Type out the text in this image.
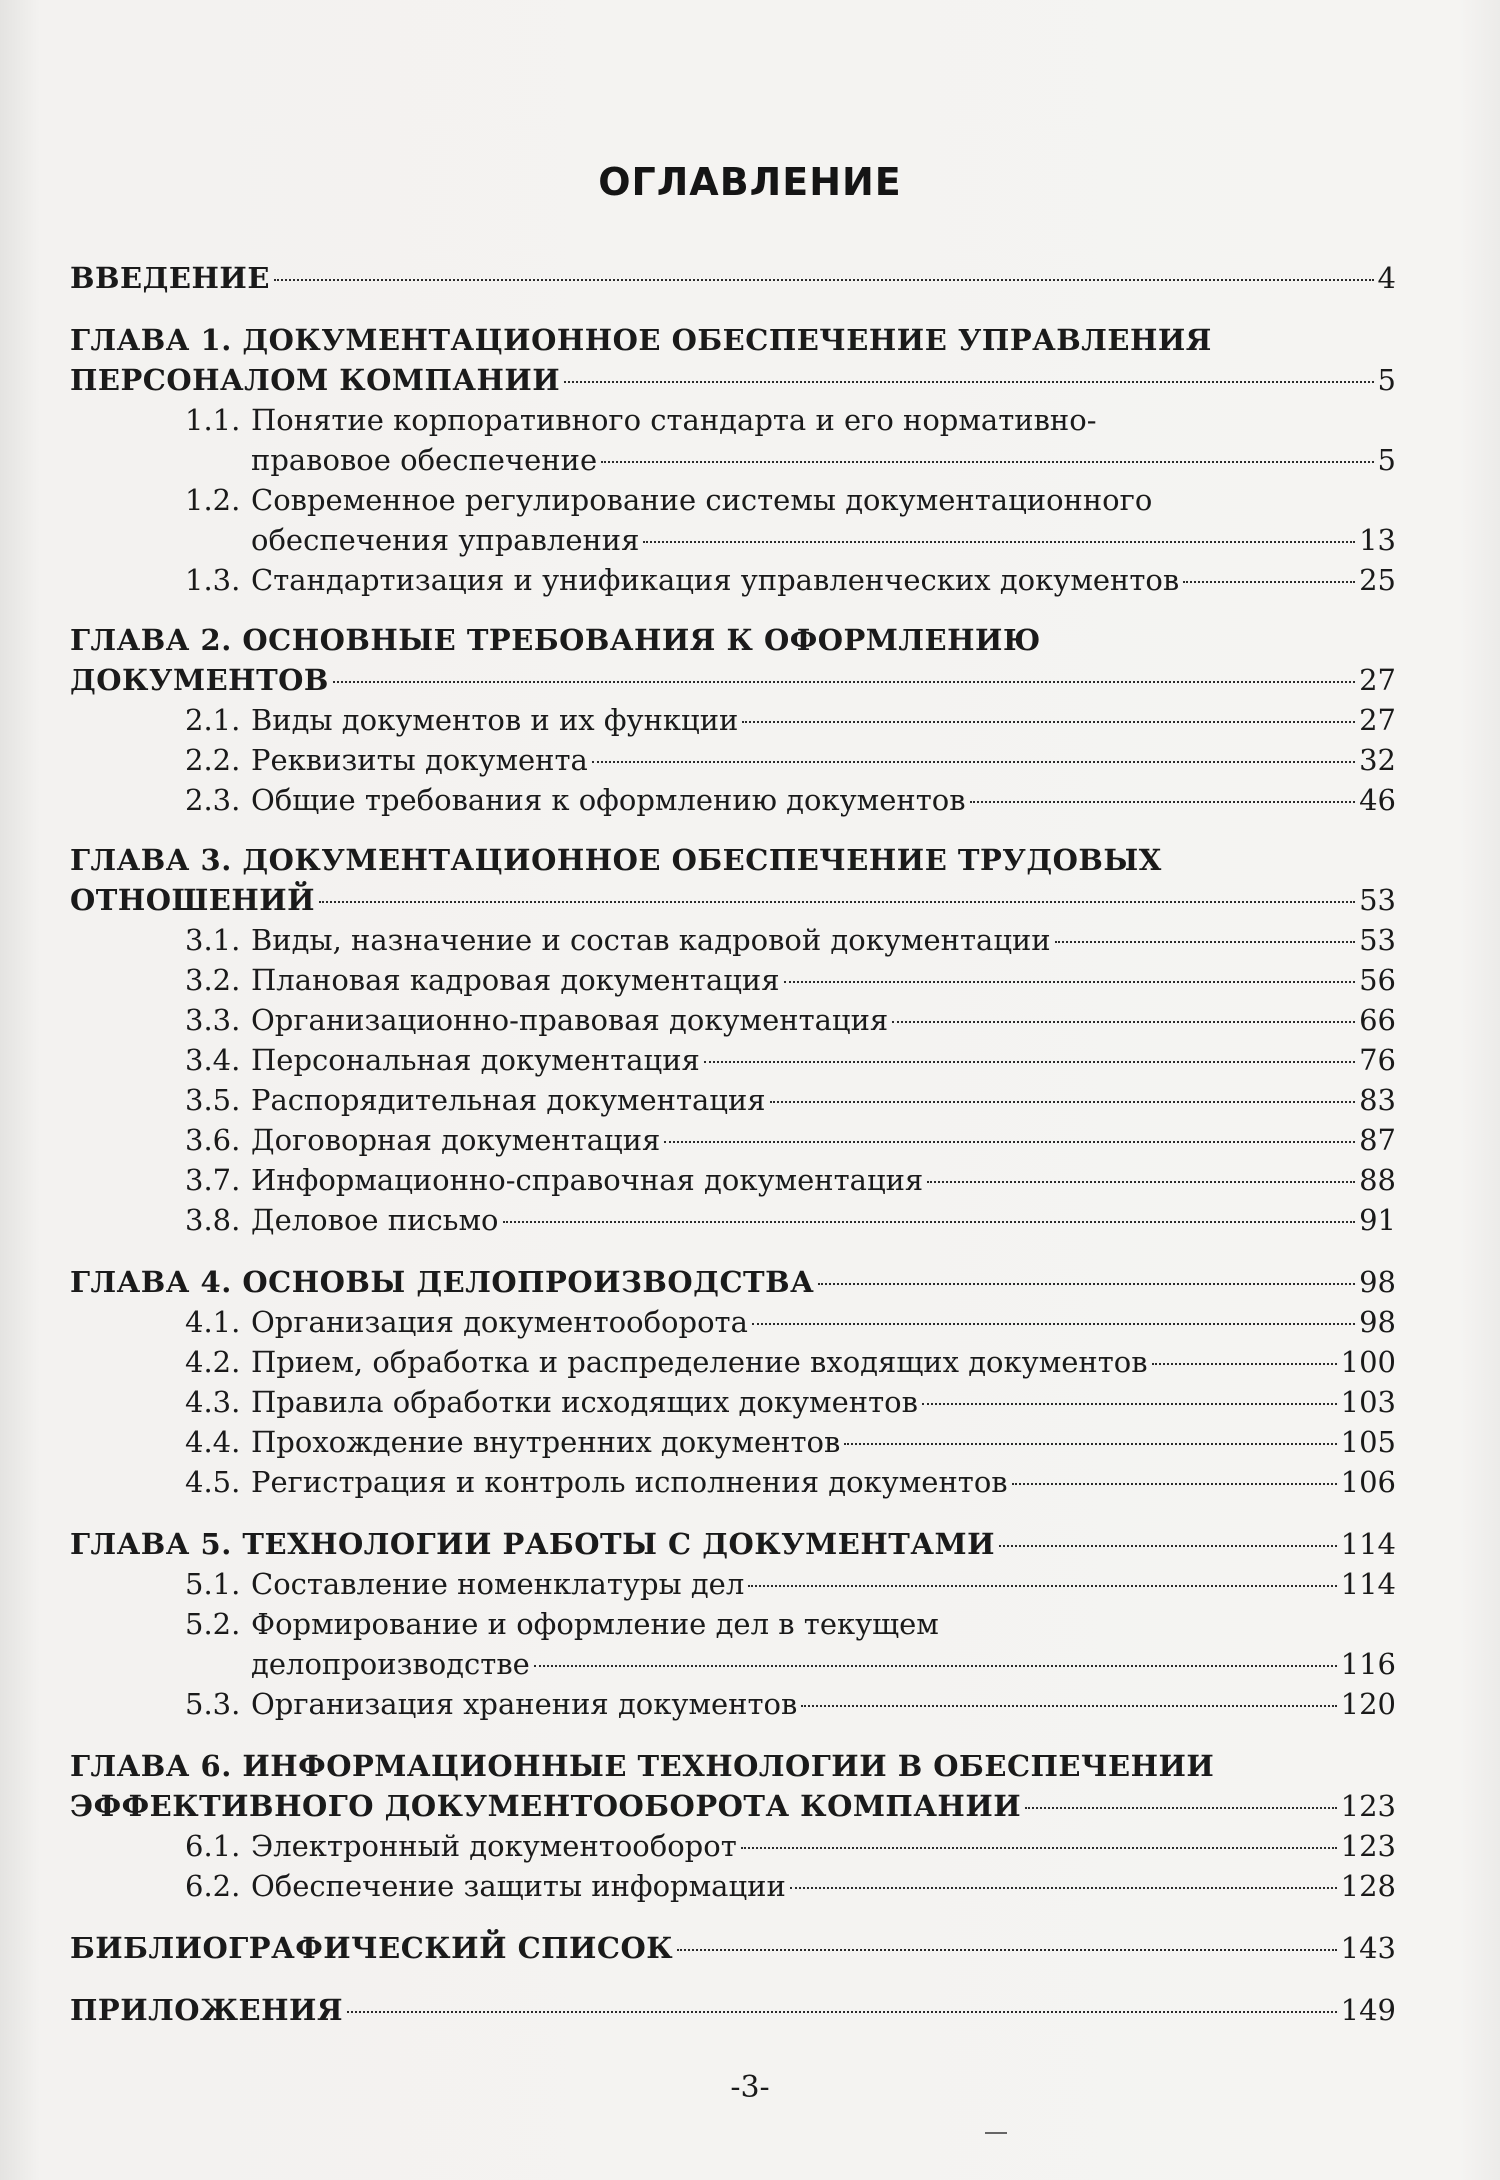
ОГЛАВЛЕНИЕ
ВВЕДЕНИЕ	4
ГЛАВА 1. ДОКУМЕНТАЦИОННОЕ ОБЕСПЕЧЕНИЕ УПРАВЛЕНИЯ
ПЕРСОНАЛОМ КОМПАНИИ	5
1.1. Понятие корпоративного стандарта и его нормативно-
правовое обеспечение	5
1.2. Современное регулирование системы документационного
обеспечения управления	13
1.3. Стандартизация и унификация управленческих документов	25
ГЛАВА 2. ОСНОВНЫЕ ТРЕБОВАНИЯ К ОФОРМЛЕНИЮ
ДОКУМЕНТОВ	27
2.1. Виды документов и их функции	27
2.2. Реквизиты документа	32
2.3. Общие требования к оформлению документов	46
ГЛАВА 3. ДОКУМЕНТАЦИОННОЕ ОБЕСПЕЧЕНИЕ ТРУДОВЫХ
ОТНОШЕНИЙ	53
3.1. Виды, назначение и состав кадровой документации	53
3.2. Плановая кадровая документация	56
3.3. Организационно-правовая документация	66
3.4. Персональная документация	76
3.5. Распорядительная документация	83
3.6. Договорная документация	87
3.7. Информационно-справочная документация	88
3.8. Деловое письмо	91
ГЛАВА 4. ОСНОВЫ ДЕЛОПРОИЗВОДСТВА	98
4.1. Организация документооборота	98
4.2. Прием, обработка и распределение входящих документов	100
4.3. Правила обработки исходящих документов	103
4.4. Прохождение внутренних документов	105
4.5. Регистрация и контроль исполнения документов	106
ГЛАВА 5. ТЕХНОЛОГИИ РАБОТЫ С ДОКУМЕНТАМИ	114
5.1. Составление номенклатуры дел	114
5.2. Формирование и оформление дел в текущем
делопроизводстве	116
5.3. Организация хранения документов	120
ГЛАВА 6. ИНФОРМАЦИОННЫЕ ТЕХНОЛОГИИ В ОБЕСПЕЧЕНИИ
ЭФФЕКТИВНОГО ДОКУМЕНТООБОРОТА КОМПАНИИ	123
6.1. Электронный документооборот	123
6.2. Обеспечение защиты информации	128
БИБЛИОГРАФИЧЕСКИЙ СПИСОК	143
ПРИЛОЖЕНИЯ	149
-3-
